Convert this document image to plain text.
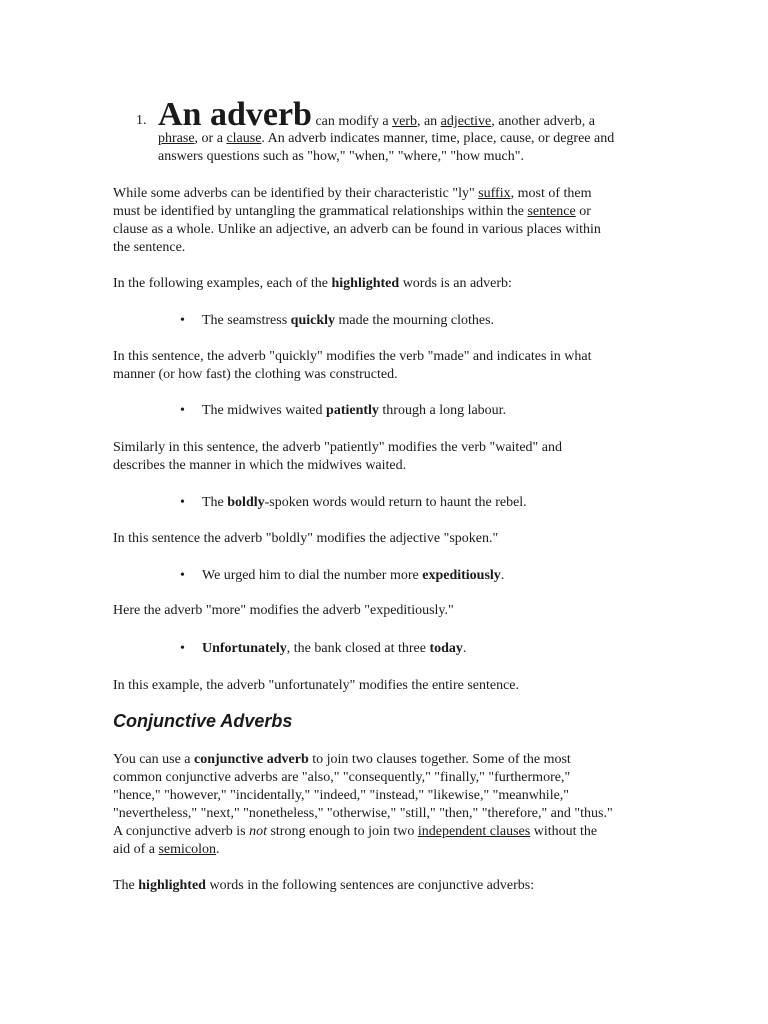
1. An adverb can modify a verb, an adjective, another adverb, a
phrase, or a clause. An adverb indicates manner, time, place, cause, or degree and
answers questions such as "how," "when," "where," "how much".

While some adverbs can be identified by their characteristic "ly" suffix, most of them
must be identified by untangling the grammatical relationships within the sentence or
clause as a whole. Unlike an adjective, an adverb can be found in various places within
the sentence.

In the following examples, each of the highlighted words is an adverb:

• The seamstress quickly made the mourning clothes.

In this sentence, the adverb "quickly" modifies the verb "made" and indicates in what
manner (or how fast) the clothing was constructed.

• The midwives waited patiently through a long labour.

Similarly in this sentence, the adverb "patiently" modifies the verb "waited" and
describes the manner in which the midwives waited.

• The boldly-spoken words would return to haunt the rebel.

In this sentence the adverb "boldly" modifies the adjective "spoken."

• We urged him to dial the number more expeditiously.

Here the adverb "more" modifies the adverb "expeditiously."

• Unfortunately, the bank closed at three today.

In this example, the adverb "unfortunately" modifies the entire sentence.

Conjunctive Adverbs

You can use a conjunctive adverb to join two clauses together. Some of the most
common conjunctive adverbs are "also," "consequently," "finally," "furthermore,"
"hence," "however," "incidentally," "indeed," "instead," "likewise," "meanwhile,"
"nevertheless," "next," "nonetheless," "otherwise," "still," "then," "therefore," and "thus."
A conjunctive adverb is not strong enough to join two independent clauses without the
aid of a semicolon.

The highlighted words in the following sentences are conjunctive adverbs:
